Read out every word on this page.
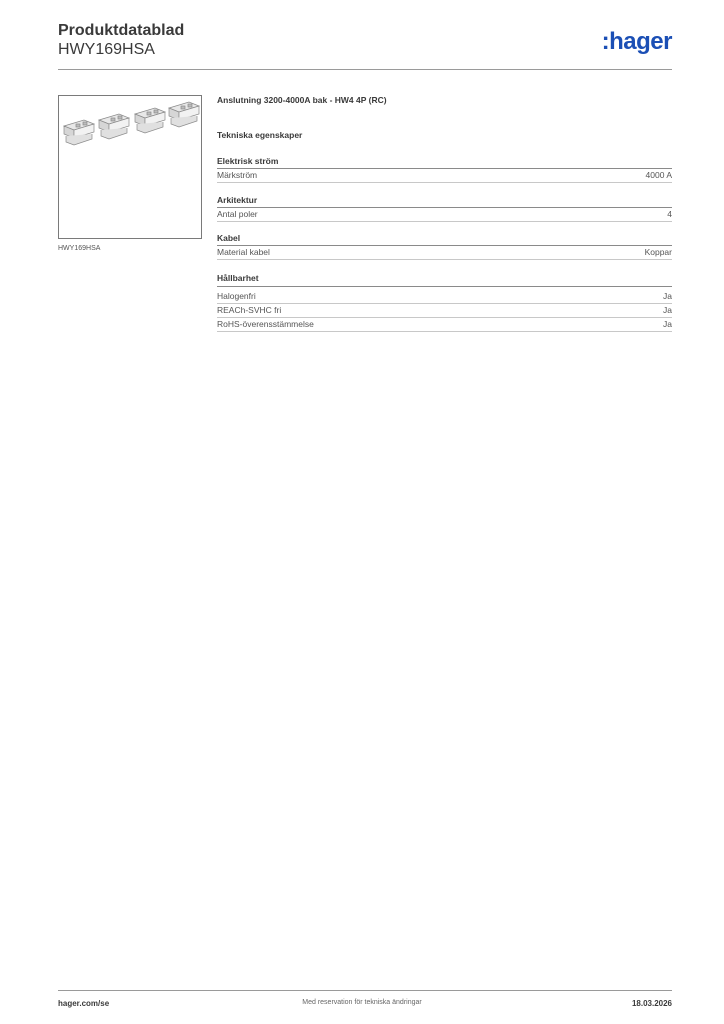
Produktdatablad
HWY169HSA	:hager
HWY169HSA
Anslutning 3200-4000A bak - HW4 4P (RC)
Tekniska egenskaper
Elektrisk ström
Märkström	4000 A
Arkitektur
Antal poler	4
Kabel
Material kabel	Koppar
Hållbarhet
Halogenfri	Ja
REACh-SVHC fri	Ja
RoHS-överensstämmelse	Ja
hager.com/se	Med reservation för tekniska ändringar	18.03.2026
